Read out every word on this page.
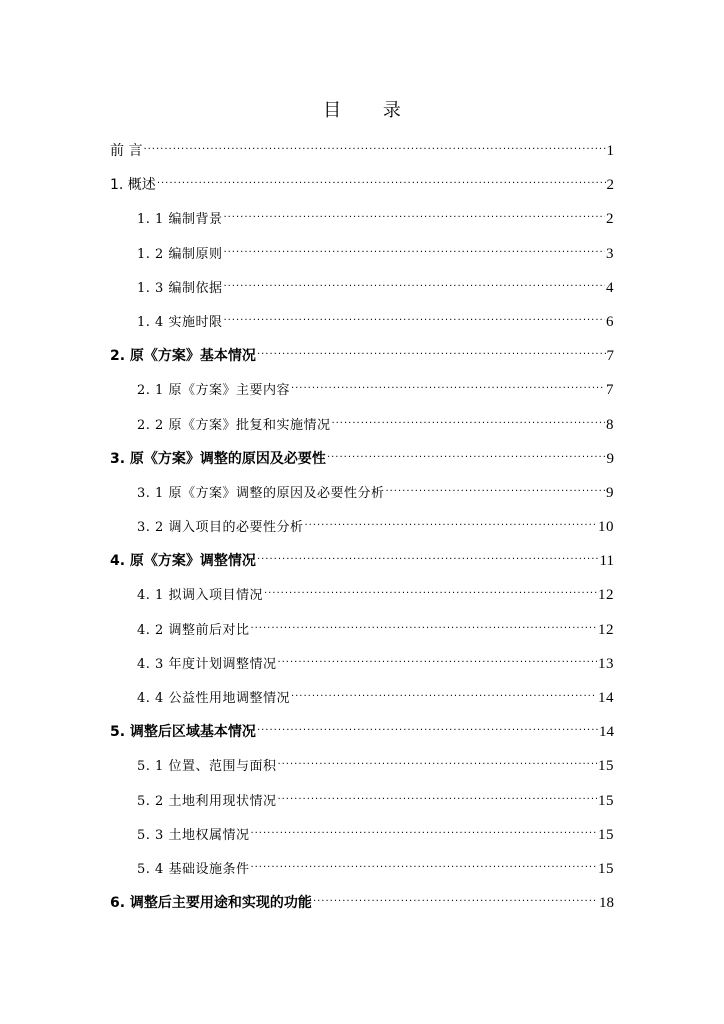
目 录
前 言 .....	1
1. 概述 .....	2
1. 1 编制背景 .....	2
1. 2 编制原则 .....	3
1. 3 编制依据 .....	4
1. 4 实施时限 .....	6
2. 原《方案》基本情况 .....	7
2. 1 原《方案》主要内容 .....	7
2. 2 原《方案》批复和实施情况 .....	8
3. 原《方案》调整的原因及必要性 .....	9
3. 1 原《方案》调整的原因及必要性分析 .....	9
3. 2 调入项目的必要性分析 .....	10
4. 原《方案》调整情况 .....	11
4. 1 拟调入项目情况 .....	12
4. 2 调整前后对比 .....	12
4. 3 年度计划调整情况 .....	13
4. 4 公益性用地调整情况 .....	14
5. 调整后区域基本情况 .....	14
5. 1 位置、范围与面积 .....	15
5. 2 土地利用现状情况 .....	15
5. 3 土地权属情况 .....	15
5. 4 基础设施条件 .....	15
6. 调整后主要用途和实现的功能 .....	18
